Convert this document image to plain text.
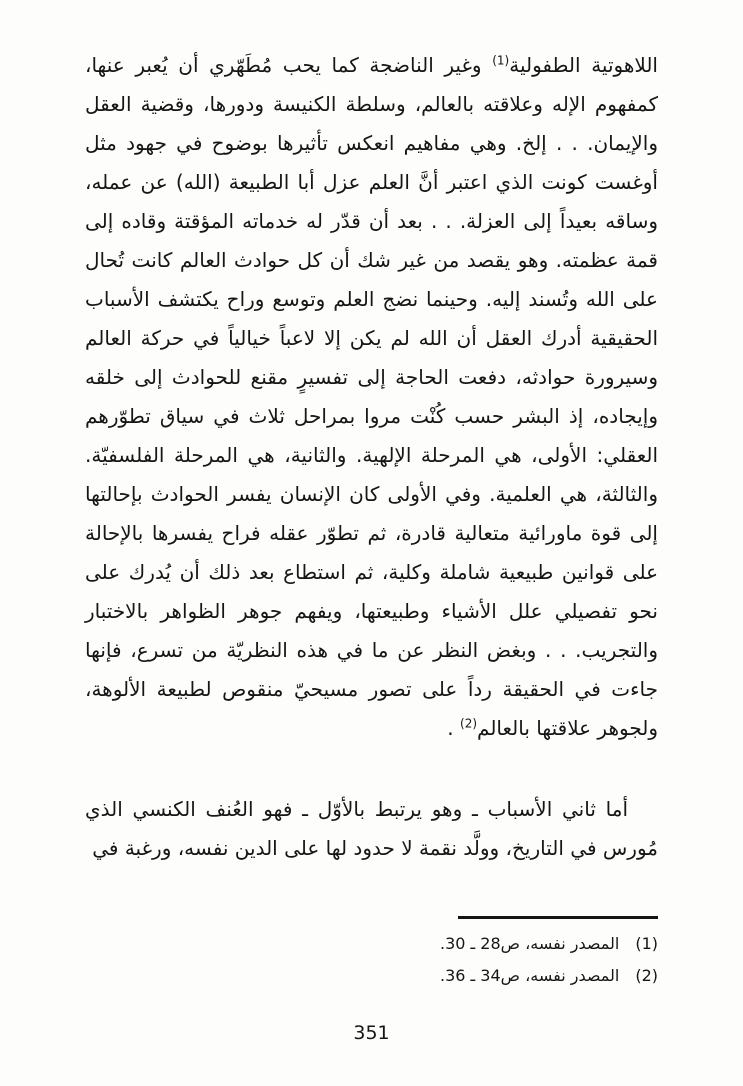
اللاهوتية الطفولية$^{(1)}$ وغير الناضجة كما يحب مُطَهّري أن يُعبر عنها، كمفهوم الإله وعلاقته بالعالم، وسلطة الكنيسة ودورها، وقضية العقل والإيمان. . . إلخ. وهي مفاهيم انعكس تأثيرها بوضوح في جهود مثل أوغست كونت الذي اعتبر أنَّ العلم عزل أبا الطبيعة (الله) عن عمله، وساقه بعيداً إلى العزلة. . . بعد أن قدّر له خدماته المؤقتة وقاده إلى قمة عظمته. وهو يقصد من غير شك أن كل حوادث العالم كانت تُحال على الله وتُسند إليه. وحينما نضج العلم وتوسع وراح يكتشف الأسباب الحقيقية أدرك العقل أن الله لم يكن إلا لاعباً خيالياً في حركة العالم وسيرورة حوادثه، دفعت الحاجة إلى تفسيرٍ مقنع للحوادث إلى خلقه وإيجاده، إذ البشر حسب كُنْت مروا بمراحل ثلاث في سياق تطوّرهم العقلي: الأولى، هي المرحلة الإلهية. والثانية، هي المرحلة الفلسفيّة. والثالثة، هي العلمية. وفي الأولى كان الإنسان يفسر الحوادث بإحالتها إلى قوة ماورائية متعالية قادرة، ثم تطوّر عقله فراح يفسرها بالإحالة على قوانين طبيعية شاملة وكلية، ثم استطاع بعد ذلك أن يُدرك على نحو تفصيلي علل الأشياء وطبيعتها، ويفهم جوهر الظواهر بالاختبار والتجريب. . . وبغض النظر عن ما في هذه النظريّة من تسرع، فإنها جاءت في الحقيقة رداً على تصور مسيحيّ منقوص لطبيعة الألوهة، ولجوهر علاقتها بالعالم$^{(2)}$ .

أما ثاني الأسباب ـ وهو يرتبط بالأوّل ـ فهو العُنف الكنسي الذي مُورس في التاريخ، وولَّد نقمة لا حدود لها على الدين نفسه، ورغبة في

(1)
المصدر نفسه، ص28 ـ 30.
(2)
المصدر نفسه، ص34 ـ 36.
351
